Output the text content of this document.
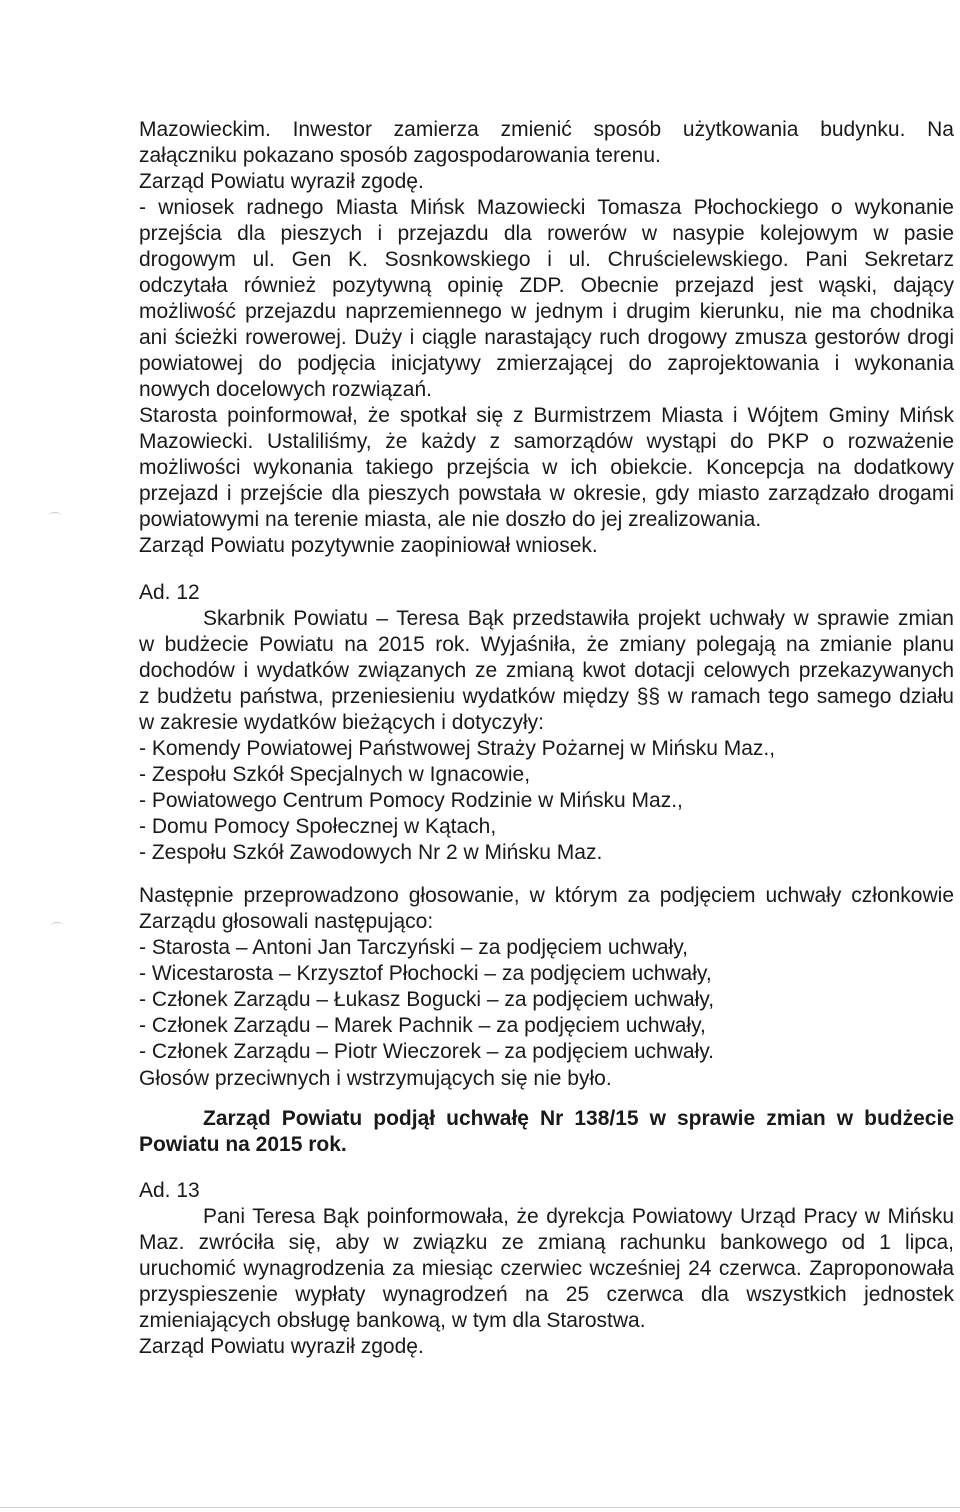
Mazowieckim. Inwestor zamierza zmienić sposób użytkowania budynku. Na
załączniku pokazano sposób zagospodarowania terenu.
Zarząd Powiatu wyraził zgodę.
- wniosek radnego Miasta Mińsk Mazowiecki Tomasza Płochockiego o wykonanie
przejścia dla pieszych i przejazdu dla rowerów w nasypie kolejowym w pasie
drogowym ul. Gen K. Sosnkowskiego i ul. Chruścielewskiego. Pani Sekretarz
odczytała również pozytywną opinię ZDP. Obecnie przejazd jest wąski, dający
możliwość przejazdu naprzemiennego w jednym i drugim kierunku, nie ma chodnika
ani ścieżki rowerowej. Duży i ciągle narastający ruch drogowy zmusza gestorów drogi
powiatowej do podjęcia inicjatywy zmierzającej do zaprojektowania i wykonania
nowych docelowych rozwiązań.
Starosta poinformował, że spotkał się z Burmistrzem Miasta i Wójtem Gminy Mińsk
Mazowiecki. Ustaliliśmy, że każdy z samorządów wystąpi do PKP o rozważenie
możliwości wykonania takiego przejścia w ich obiekcie. Koncepcja na dodatkowy
przejazd i przejście dla pieszych powstała w okresie, gdy miasto zarządzało drogami
powiatowymi na terenie miasta, ale nie doszło do jej zrealizowania.
Zarząd Powiatu pozytywnie zaopiniował wniosek.
Ad. 12
Skarbnik Powiatu – Teresa Bąk przedstawiła projekt uchwały w sprawie zmian
w budżecie Powiatu na 2015 rok. Wyjaśniła, że zmiany polegają na zmianie planu
dochodów i wydatków związanych ze zmianą kwot dotacji celowych przekazywanych
z budżetu państwa, przeniesieniu wydatków między §§ w ramach tego samego działu
w zakresie wydatków bieżących i dotyczyły:
- Komendy Powiatowej Państwowej Straży Pożarnej w Mińsku Maz.,
- Zespołu Szkół Specjalnych w Ignacowie,
- Powiatowego Centrum Pomocy Rodzinie w Mińsku Maz.,
- Domu Pomocy Społecznej w Kątach,
- Zespołu Szkół Zawodowych Nr 2 w Mińsku Maz.
Następnie przeprowadzono głosowanie, w którym za podjęciem uchwały członkowie
Zarządu głosowali następująco:
- Starosta – Antoni Jan Tarczyński – za podjęciem uchwały,
- Wicestarosta – Krzysztof Płochocki – za podjęciem uchwały,
- Członek Zarządu – Łukasz Bogucki – za podjęciem uchwały,
- Członek Zarządu – Marek Pachnik – za podjęciem uchwały,
- Członek Zarządu – Piotr Wieczorek – za podjęciem uchwały.
Głosów przeciwnych i wstrzymujących się nie było.
Zarząd Powiatu podjął uchwałę Nr 138/15 w sprawie zmian w budżecie
Powiatu na 2015 rok.
Ad. 13
Pani Teresa Bąk poinformowała, że dyrekcja Powiatowy Urząd Pracy w Mińsku
Maz. zwróciła się, aby w związku ze zmianą rachunku bankowego od 1 lipca,
uruchomić wynagrodzenia za miesiąc czerwiec wcześniej 24 czerwca. Zaproponowała
przyspieszenie wypłaty wynagrodzeń na 25 czerwca dla wszystkich jednostek
zmieniających obsługę bankową, w tym dla Starostwa.
Zarząd Powiatu wyraził zgodę.
